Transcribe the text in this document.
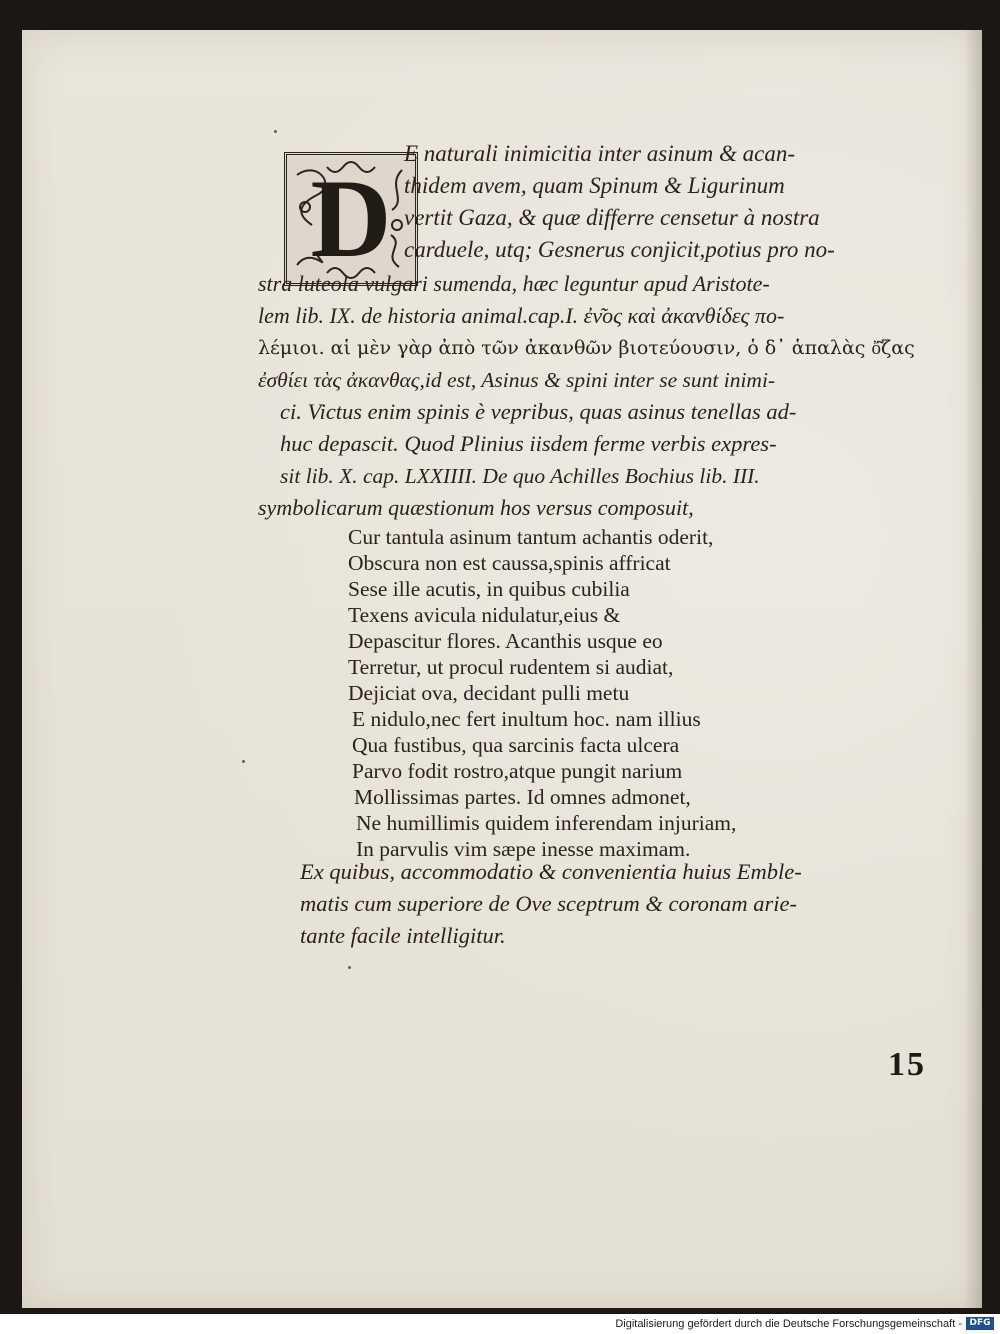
D
E naturali inimicitia inter asinum & acan-
thidem avem, quam Spinum & Ligurinum
vertit Gaza, & quæ differre censetur à nostra
carduele, utq; Gesnerus conjicit,potius pro no-
stra luteola vulgari sumenda, hæc leguntur apud Aristote-
lem lib. IX. de historia animal.cap.I. ἐν͂ος καὶ ἀκανθίδες πο-
λέμιοι. αἱ μὲν γὰρ ἀπὸ τῶν ἀκανθῶν βιοτεύουσιν, ὁ δ᾽ ἁπαλὰς ὄ͂ζας
ἐσθίει τὰς ἀκανθας,id est, Asinus & spini inter se sunt inimi-
ci. Victus enim spinis è vepribus, quas asinus tenellas ad-
huc depascit. Quod Plinius iisdem ferme verbis expres-
sit lib. X. cap. LXXIIII. De quo Achilles Bochius lib. III.
symbolicarum quæstionum hos versus composuit,
Cur tantula asinum tantum achantis oderit,
Obscura non est caussa,spinis affricat
Sese ille acutis, in quibus cubilia
Texens avicula nidulatur,eius &
Depascitur flores. Acanthis usque eo
Terretur, ut procul rudentem si audiat,
Dejiciat ova, decidant pulli metu
E nidulo,nec fert inultum hoc. nam illius
Qua fustibus, qua sarcinis facta ulcera
Parvo fodit rostro,atque pungit narium
Mollissimas partes. Id omnes admonet,
Ne humillimis quidem inferendam injuriam,
In parvulis vim sæpe inesse maximam.
Ex quibus, accommodatio & convenientia huius Emble-
matis cum superiore de Ove sceptrum & coronam arie-
tante facile intelligitur.
15
Digitalisierung gefördert durch die Deutsche Forschungsgemeinschaft - DFG
